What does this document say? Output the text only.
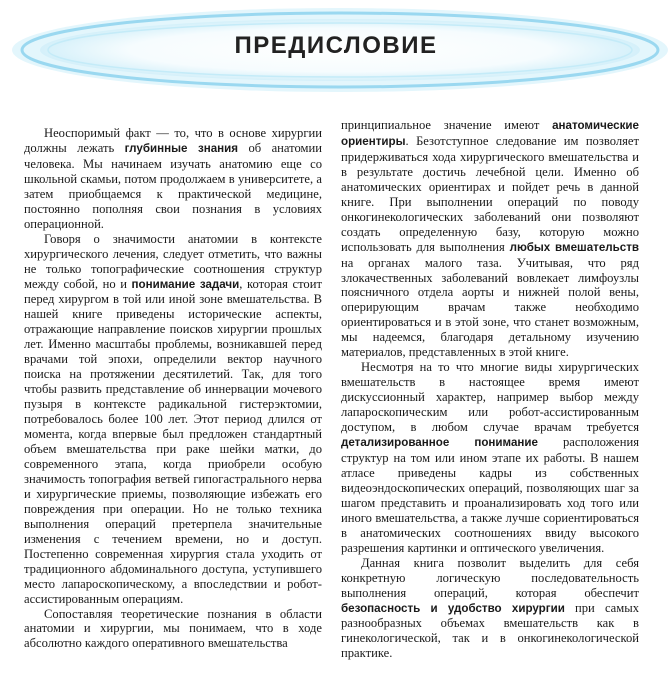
ПРЕДИСЛОВИЕ

Неоспоримый факт — то, что в основе хирургии должны лежать глубинные знания об анатомии человека. Мы начинаем изучать анатомию еще со школьной скамьи, потом продолжаем в университете, а затем приобщаемся к практической медицине, постоянно пополняя свои познания в условиях операционной.

Говоря о значимости анатомии в контексте хирургического лечения, следует отметить, что важны не только топографические соотношения структур между собой, но и понимание задачи, которая стоит перед хирургом в той или иной зоне вмешательства. В нашей книге приведены исторические аспекты, отражающие направление поисков хирургии прошлых лет. Именно масштабы проблемы, возникавшей перед врачами той эпохи, определили вектор научного поиска на протяжении десятилетий. Так, для того чтобы развить представление об иннервации мочевого пузыря в контексте радикальной гистерэктомии, потребовалось более 100 лет. Этот период длился от момента, когда впервые был предложен стандартный объем вмешательства при раке шейки матки, до современного этапа, когда приобрели особую значимость топография ветвей гипогастрального нерва и хирургические приемы, позволяющие избежать его повреждения при операции. Но не только техника выполнения операций претерпела значительные изменения с течением времени, но и доступ. Постепенно современная хирургия стала уходить от традиционного абдоминального доступа, уступившего место лапароскопическому, а впоследствии и робот-ассистированным операциям.

Сопоставляя теоретические познания в области анатомии и хирургии, мы понимаем, что в ходе абсолютно каждого оперативного вмешательства

принципиальное значение имеют анатомические ориентиры. Безотступное следование им позволяет придерживаться хода хирургического вмешательства и в результате достичь лечебной цели. Именно об анатомических ориентирах и пойдет речь в данной книге. При выполнении операций по поводу онкогинекологических заболеваний они позволяют создать определенную базу, которую можно использовать для выполнения любых вмешательств на органах малого таза. Учитывая, что ряд злокачественных заболеваний вовлекает лимфоузлы поясничного отдела аорты и нижней полой вены, оперирующим врачам также необходимо ориентироваться и в этой зоне, что станет возможным, мы надеемся, благодаря детальному изучению материалов, представленных в этой книге.

Несмотря на то что многие виды хирургических вмешательств в настоящее время имеют дискуссионный характер, например выбор между лапароскопическим или робот-ассистированным доступом, в любом случае врачам требуется детализированное понимание расположения структур на том или ином этапе их работы. В нашем атласе приведены кадры из собственных видеоэндоскопических операций, позволяющих шаг за шагом представить и проанализировать ход того или иного вмешательства, а также лучше сориентироваться в анатомических соотношениях ввиду высокого разрешения картинки и оптического увеличения.

Данная книга позволит выделить для себя конкретную логическую последовательность выполнения операций, которая обеспечит безопасность и удобство хирургии при самых разнообразных объемах вмешательств как в гинекологической, так и в онкогинекологической практике.
